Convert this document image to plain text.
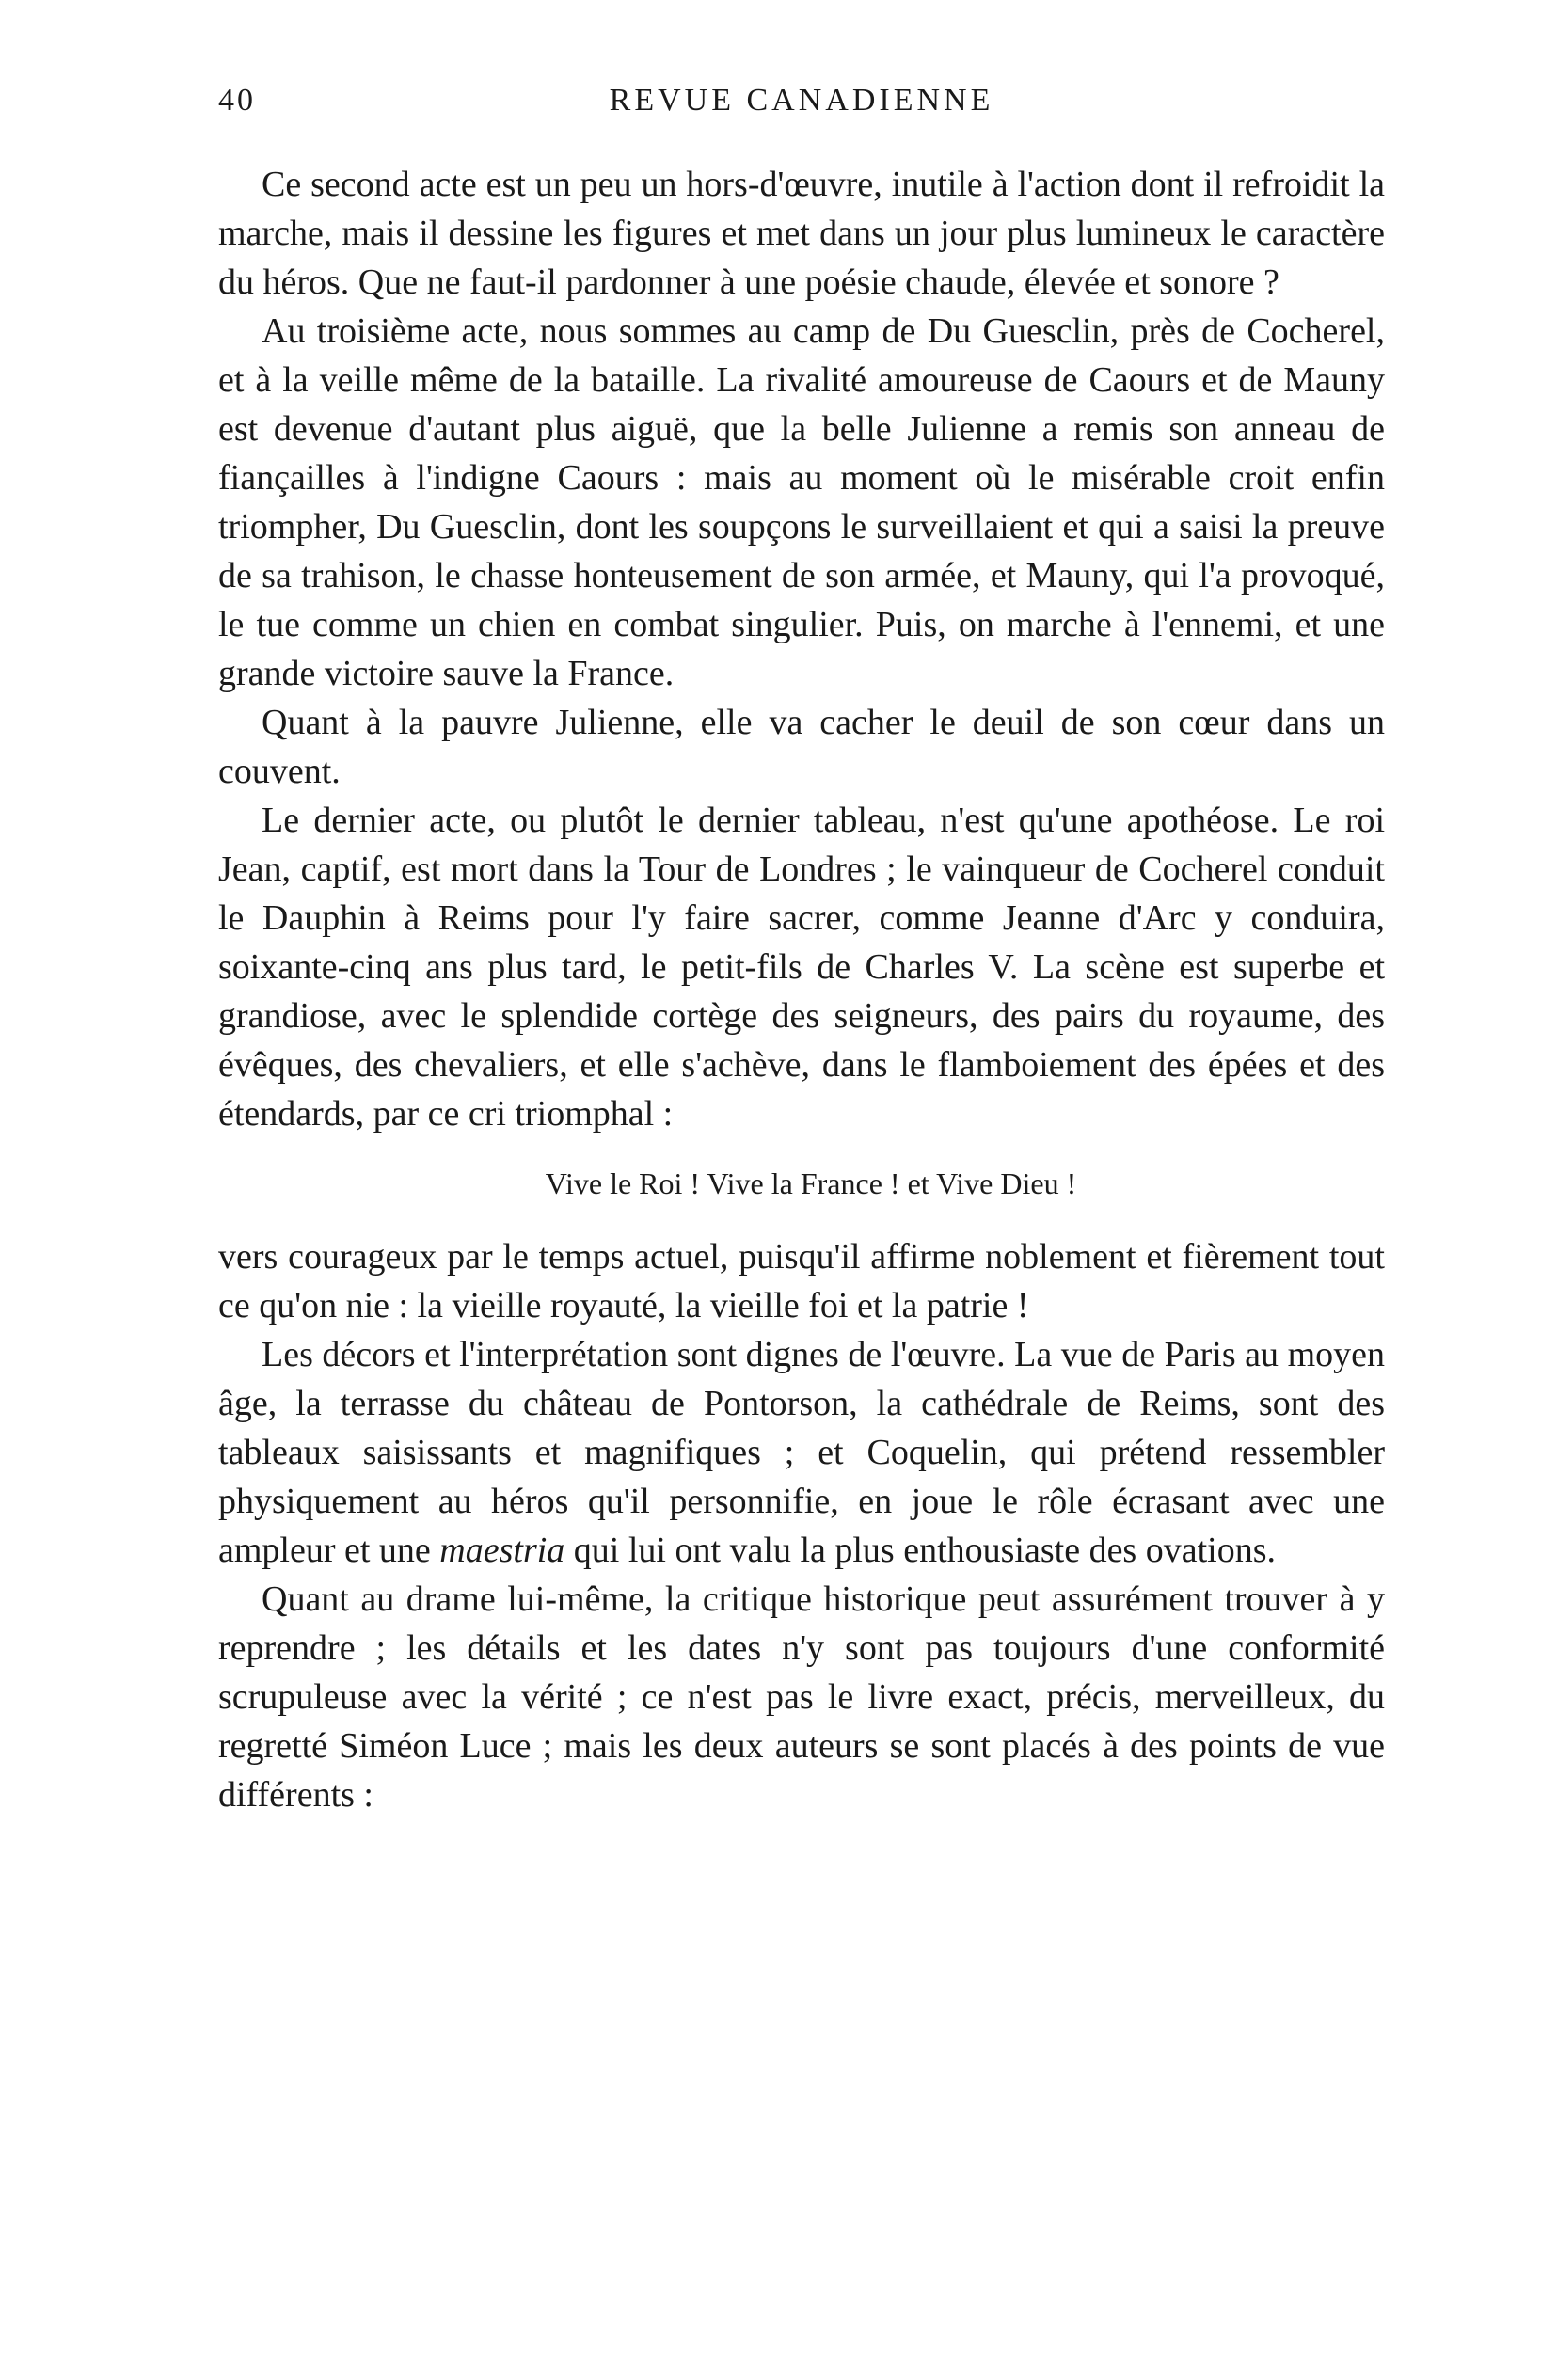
40	REVUE CANADIENNE

Ce second acte est un peu un hors-d'œuvre, inutile à l'action dont il refroidit la marche, mais il dessine les figures et met dans un jour plus lumineux le caractère du héros. Que ne faut-il pardonner à une poésie chaude, élevée et sonore ?

Au troisième acte, nous sommes au camp de Du Guesclin, près de Cocherel, et à la veille même de la bataille. La rivalité amoureuse de Caours et de Mauny est devenue d'autant plus aiguë, que la belle Julienne a remis son anneau de fiançailles à l'indigne Caours : mais au moment où le misérable croit enfin triompher, Du Guesclin, dont les soupçons le surveillaient et qui a saisi la preuve de sa trahison, le chasse honteusement de son armée, et Mauny, qui l'a provoqué, le tue comme un chien en combat singulier. Puis, on marche à l'ennemi, et une grande victoire sauve la France.

Quant à la pauvre Julienne, elle va cacher le deuil de son cœur dans un couvent.

Le dernier acte, ou plutôt le dernier tableau, n'est qu'une apothéose. Le roi Jean, captif, est mort dans la Tour de Londres ; le vainqueur de Cocherel conduit le Dauphin à Reims pour l'y faire sacrer, comme Jeanne d'Arc y conduira, soixante-cinq ans plus tard, le petit-fils de Charles V. La scène est superbe et grandiose, avec le splendide cortège des seigneurs, des pairs du royaume, des évêques, des chevaliers, et elle s'achève, dans le flamboiement des épées et des étendards, par ce cri triomphal :

Vive le Roi ! Vive la France ! et Vive Dieu !

vers courageux par le temps actuel, puisqu'il affirme noblement et fièrement tout ce qu'on nie : la vieille royauté, la vieille foi et la patrie !

Les décors et l'interprétation sont dignes de l'œuvre. La vue de Paris au moyen âge, la terrasse du château de Pontorson, la cathédrale de Reims, sont des tableaux saisissants et magnifiques ; et Coquelin, qui prétend ressembler physiquement au héros qu'il personnifie, en joue le rôle écrasant avec une ampleur et une maestria qui lui ont valu la plus enthousiaste des ovations.

Quant au drame lui-même, la critique historique peut assurément trouver à y reprendre ; les détails et les dates n'y sont pas toujours d'une conformité scrupuleuse avec la vérité ; ce n'est pas le livre exact, précis, merveilleux, du regretté Siméon Luce ; mais les deux auteurs se sont placés à des points de vue différents :
